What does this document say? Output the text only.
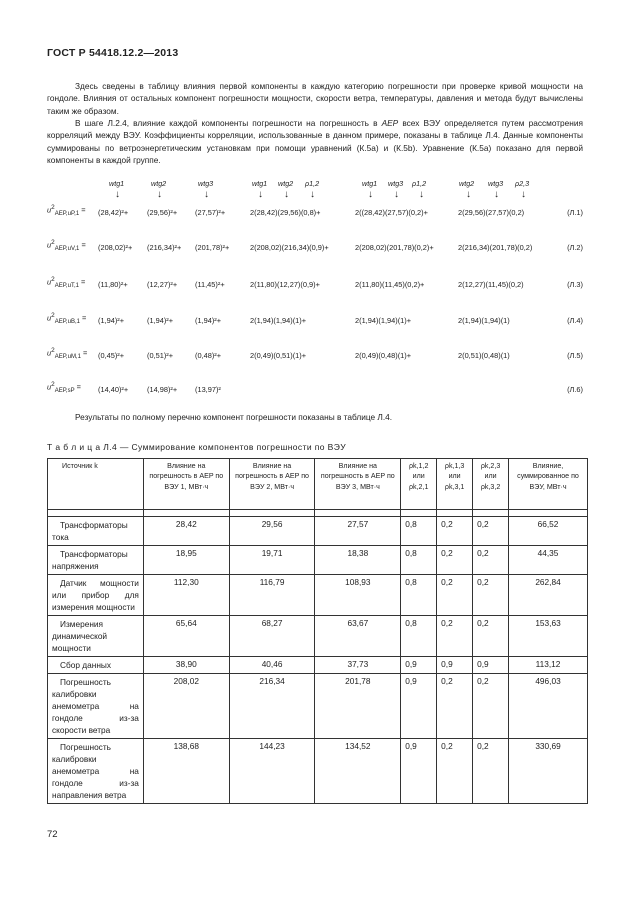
ГОСТ Р 54418.12.2—2013

Здесь сведены в таблицу влияния первой компоненты в каждую категорию погрешности при проверке кривой мощности на гондоле. Влияния от остальных компонент погрешности мощности, скорости ветра, температуры, давления и метода будут вычислены таким же образом.

В шаге Л.2.4, влияние каждой компоненты погрешности на погрешность в AEP всех ВЭУ определяется путем рассмотрения корреляций между ВЭУ. Коэффициенты корреляции, использованные в данном примере, показаны в таблице Л.4. Данные компоненты суммированы по ветроэнергетическим установкам при помощи уравнений (К.5а) и (К.5b). Уравнение (К.5а) показано для первой компоненты в каждой группе.

wtg1	wtg2	wtg3	wtg1 wtg2 ρ1,2	wtg1 wtg3 ρ1,2	wtg2 wtg3 ρ2,3
↓	↓	↓	↓ ↓ ↓	↓ ↓ ↓	↓ ↓ ↓
$u^2_{AEP,uP,1} = (28,42)^2+$	(29,56)²+ (27,57)²+	2(28,42)(29,56)(0,8)+	2((28,42)(27,57)(0,2)+	2(29,56)(27,57)(0,2)	(Л.1)
$u^2_{AEP,uV,1} = (208,02)^2+ (216,34)^2+ (201,78)^2+$	2(208,02)(216,34)(0,9)+	2(208,02)(201,78)(0,2)+	2(216,34)(201,78)(0,2)	(Л.2)
$u^2_{AEP,uT,1} = (11,80)^2+$	(12,27)²+ (11,45)²+	2(11,80)(12,27)(0,9)+	2(11,80)(11,45)(0,2)+	2(12,27)(11,45)(0,2)	(Л.3)
$u^2_{AEP,uB,1} = (1,94)^2+$	(1,94)²+	(1,94)²+	2(1,94)(1,94)(1)+	2(1,94)(1,94)(1)+	2(1,94)(1,94)(1)	(Л.4)
$u^2_{AEP,uM,1} = (0,45)^2+$	(0,51)²+	(0,48)²+	2(0,49)(0,51)(1)+	2(0,49)(0,48)(1)+	2(0,51)(0,48)(1)	(Л.5)
$u^2_{AEP,sP} = (14,40)^2+$	(14,98)²+ (13,97)²	(Л.6)

Результаты по полному перечню компонент погрешности показаны в таблице Л.4.

Т а б л и ц а Л.4 — Суммирование компонентов погрешности по ВЭУ
Источник k	Влияние на погрешность в AEP по ВЭУ 1, МВт·ч	Влияние на погрешность в AEP по ВЭУ 2, МВт·ч	Влияние на погрешность в AEP по ВЭУ 3, МВт·ч	ρk,1,2 или ρk,2,1	ρk,1,3 или ρk,3,1	ρk,2,3 или ρk,3,2	Влияние, суммированное по ВЭУ, МВт·ч

Трансформаторы тока	28,42	29,56	27,57	0,8	0,2	0,2	66,52
Трансформаторы напряжения	18,95	19,71	18,38	0,8	0,2	0,2	44,35
Датчик мощности или прибор для измерения мощности	112,30	116,79	108,93	0,8	0,2	0,2	262,84
Измерения динамической мощности	65,64	68,27	63,67	0,8	0,2	0,2	153,63
Сбор данных	38,90	40,46	37,73	0,9	0,9	0,9	113,12
Погрешность калибровки анемометра на гондоле из-за скорости ветра	208,02	216,34	201,78	0,9	0,2	0,2	496,03
Погрешность калибровки анемометра на гондоле из-за направления ветра	138,68	144,23	134,52	0,9	0,2	0,2	330,69
72
